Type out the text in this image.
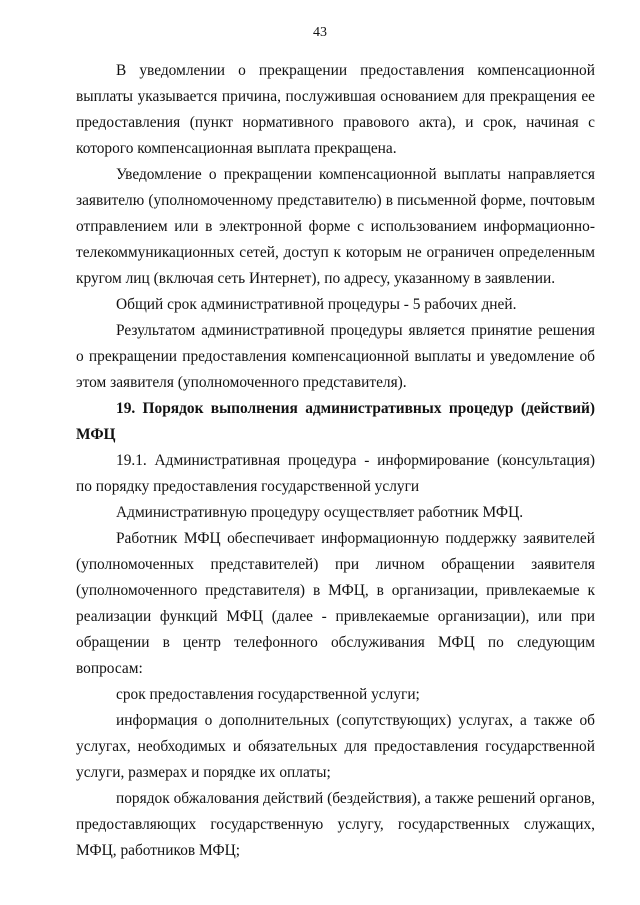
43

В уведомлении о прекращении предоставления компенсационной выплаты указывается причина, послужившая основанием для прекращения ее предоставления (пункт нормативного правового акта), и срок, начиная с которого компенсационная выплата прекращена.

Уведомление о прекращении компенсационной выплаты направляется заявителю (уполномоченному представителю) в письменной форме, почтовым отправлением или в электронной форме с использованием информационно-телекоммуникационных сетей, доступ к которым не ограничен определенным кругом лиц (включая сеть Интернет), по адресу, указанному в заявлении.

Общий срок административной процедуры - 5 рабочих дней.

Результатом административной процедуры является принятие решения о прекращении предоставления компенсационной выплаты и уведомление об этом заявителя (уполномоченного представителя).

19. Порядок выполнения административных процедур (действий) МФЦ

19.1. Административная процедура - информирование (консультация) по порядку предоставления государственной услуги

Административную процедуру осуществляет работник МФЦ.

Работник МФЦ обеспечивает информационную поддержку заявителей (уполномоченных представителей) при личном обращении заявителя (уполномоченного представителя) в МФЦ, в организации, привлекаемые к реализации функций МФЦ (далее - привлекаемые организации), или при обращении в центр телефонного обслуживания МФЦ по следующим вопросам:

срок предоставления государственной услуги;

информация о дополнительных (сопутствующих) услугах, а также об услугах, необходимых и обязательных для предоставления государственной услуги, размерах и порядке их оплаты;

порядок обжалования действий (бездействия), а также решений органов, предоставляющих государственную услугу, государственных служащих, МФЦ, работников МФЦ;
